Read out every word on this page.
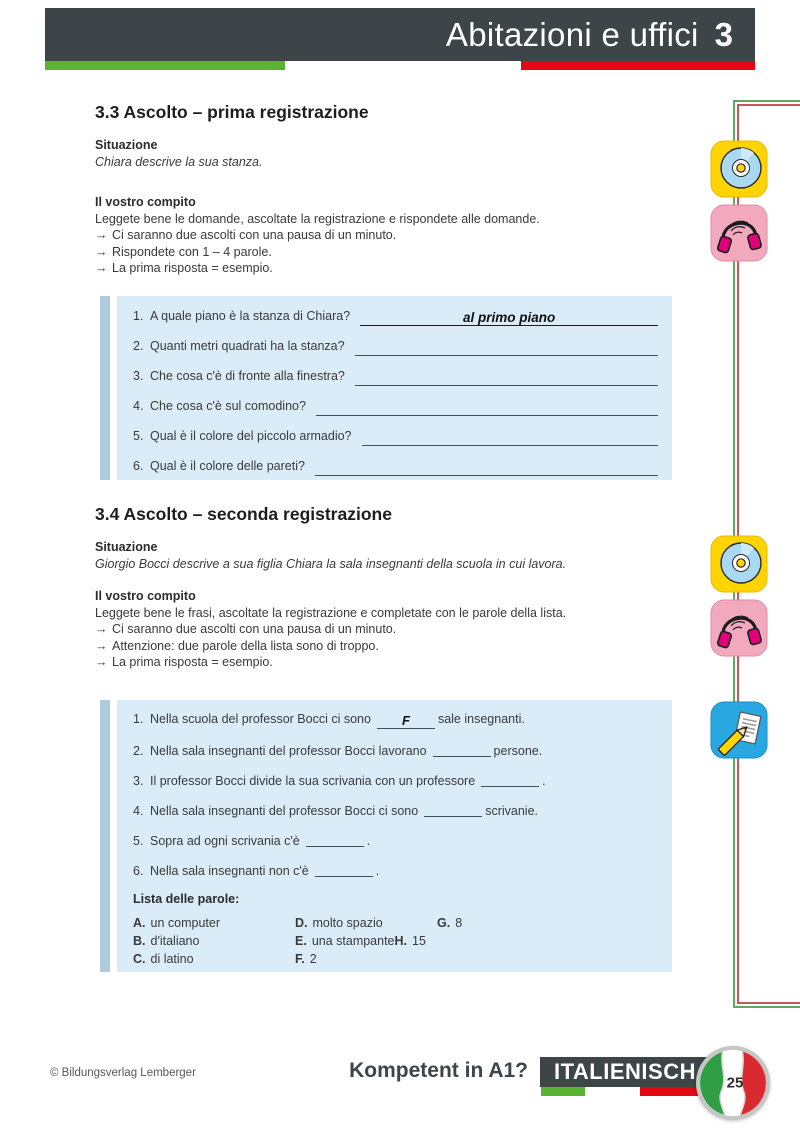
Abitazioni e uffici 3
3.3 Ascolto – prima registrazione
Situazione
Chiara descrive la sua stanza.
Il vostro compito
Leggete bene le domande, ascoltate la registrazione e rispondete alle domande.
→ Ci saranno due ascolti con una pausa di un minuto.
→ Rispondete con 1 – 4 parole.
→ La prima risposta = esempio.
1. A quale piano è la stanza di Chiara?	al primo piano
2. Quanti metri quadrati ha la stanza?
3. Che cosa c'è di fronte alla finestra?
4. Che cosa c'è sul comodino?
5. Qual è il colore del piccolo armadio?
6. Qual è il colore delle pareti?
3.4 Ascolto – seconda registrazione
Situazione
Giorgio Bocci descrive a sua figlia Chiara la sala insegnanti della scuola in cui lavora.
Il vostro compito
Leggete bene le frasi, ascoltate la registrazione e completate con le parole della lista.
→ Ci saranno due ascolti con una pausa di un minuto.
→ Attenzione: due parole della lista sono di troppo.
→ La prima risposta = esempio.
1. Nella scuola del professor Bocci ci sono F sale insegnanti.
2. Nella sala insegnanti del professor Bocci lavorano	persone.
3. Il professor Bocci divide la sua scrivania con un professore	.
4. Nella sala insegnanti del professor Bocci ci sono	scrivanie.
5. Sopra ad ogni scrivania c'è	.
6. Nella sala insegnanti non c'è	.
Lista delle parole:
A. un computer	D. molto spazio	G. 8
B. d'italiano	E. una stampante H. 15
C. di latino	F. 2
© Bildungsverlag Lemberger	Kompetent in A1? ITALIENISCH 25
